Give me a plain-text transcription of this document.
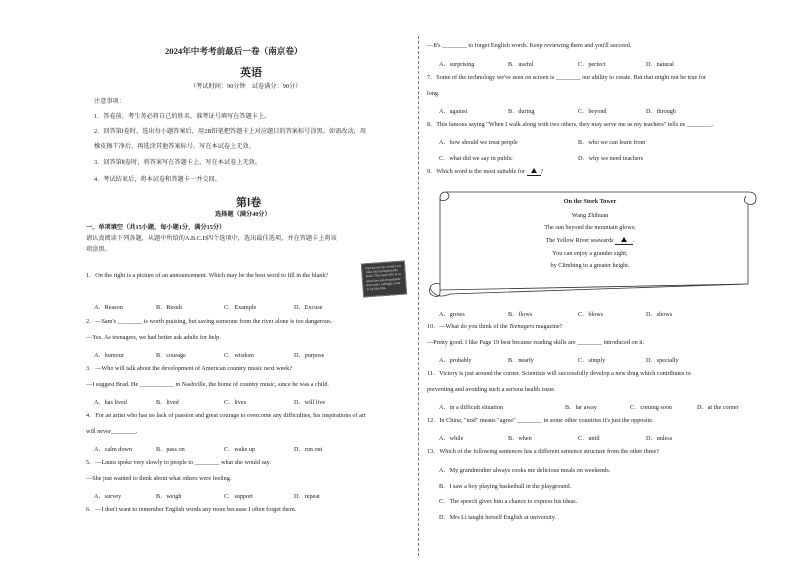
2024年中考考前最后一卷（南京卷）
英语
（考试时间：90分钟　试卷满分：90分）
注意事项：
1．答卷前，考生务必将自己的姓名、准考证号填写在答题卡上。
2．回答第Ⅰ卷时，选出每小题答案后，用2B铅笔把答题卡上对应题目的答案标号涂黑。如需改动，用
橡皮擦干净后，再选涂其他答案标号。写在本试卷上无效。
3．回答第Ⅱ卷时，将答案写在答题卡上，写在本试卷上无效。
4．考试结束后，将本试卷和答题卡一并交回。
第Ⅰ卷
选择题（满分40分）
一、单项填空（共15小题，每小题1分，满分15分）
请认真阅读下列各题，从题中所给的A.B.C.D四个选项中，选出最佳选项，并在答题卡上将该
项涂黑。
1．On the right is a picture of an announcement. Which may be the best word to fill in the blank?
Had known he would love Julie, that indispensable band. This man's life is so attractive and remarkable that many willingly want to be like him.
A．Reason	B．Result	C．Example	D．Excuse
2．—Sam's ________ is worth praising, but saving someone from the river alone is too dangerous.
—Yes. As teenagers, we had better ask adults for help.
A．humour	B．courage	C．wisdom	D．purpose
3．—Who will talk about the development of American country music next week?
—I suggest Brad. He ___________ in Nashville, the home of country music, since he was a child.
A．has lived	B．lived	C．lives	D．will live
4．For an artist who has no lack of passion and great courage to overcome any difficulties, his inspirations of art
will never________.
A．calm down	B．pass on	C．wake up	D．run out
5．—Laura spoke very slowly to people to ________ what she would say.
—She just wanted to think about what others were feeling.
A．survey	B．weigh	C．support	D．repeat
6．—I don't want to remember English words any more because I often forget them.
—It's ________ to forget English words. Keep reviewing them and you'll succeed.
A．surprising	B．useful	C．perfect	D．natural
7．Some of the technology we've seen on screen is ________ our ability to create. But that might not be true for
long.
A．against	B．during	C．beyond	D．through
8．This famous saying "When I walk along with two others, they may serve me as my teachers" tells us ________.
A．how should we treat people	B．who we can learn from
C．what did we say in public	D．why we need teachers
9．Which word is the most suitable for	?
On the Stork Tower
Wang Zhihuan
The sun beyond the mountain glows;
The Yellow River seawards	.
You can enjoy a grander sight;
by Climbing to a greater height.
A．grows	B．flows	C．blows	D．shows
10．—What do you think of the Teenagers magazine?
—Pretty good. I like Page 19 best because reading skills are ________ introduced on it.
A．probably	B．nearly	C．simply	D．specially
11．Victory is just around the corner. Scientists will successfully develop a new drug which contributes to
preventing and avoiding such a serious health issue.
A．in a difficult situation	B．far away	C．coming soon	D．at the corner
12．In China, "nod" means "agree" ________ in some other countries it's just the opposite.
A．while	B．when	C．until	D．unless
13．Which of the following sentences has a different sentence structure from the other three?
A．My grandmother always cooks me delicious meals on weekends.
B．I saw a boy playing basketball in the playground.
C．The speech gives him a chance to express his ideas.
D．Mrs Li taught herself English at university.
